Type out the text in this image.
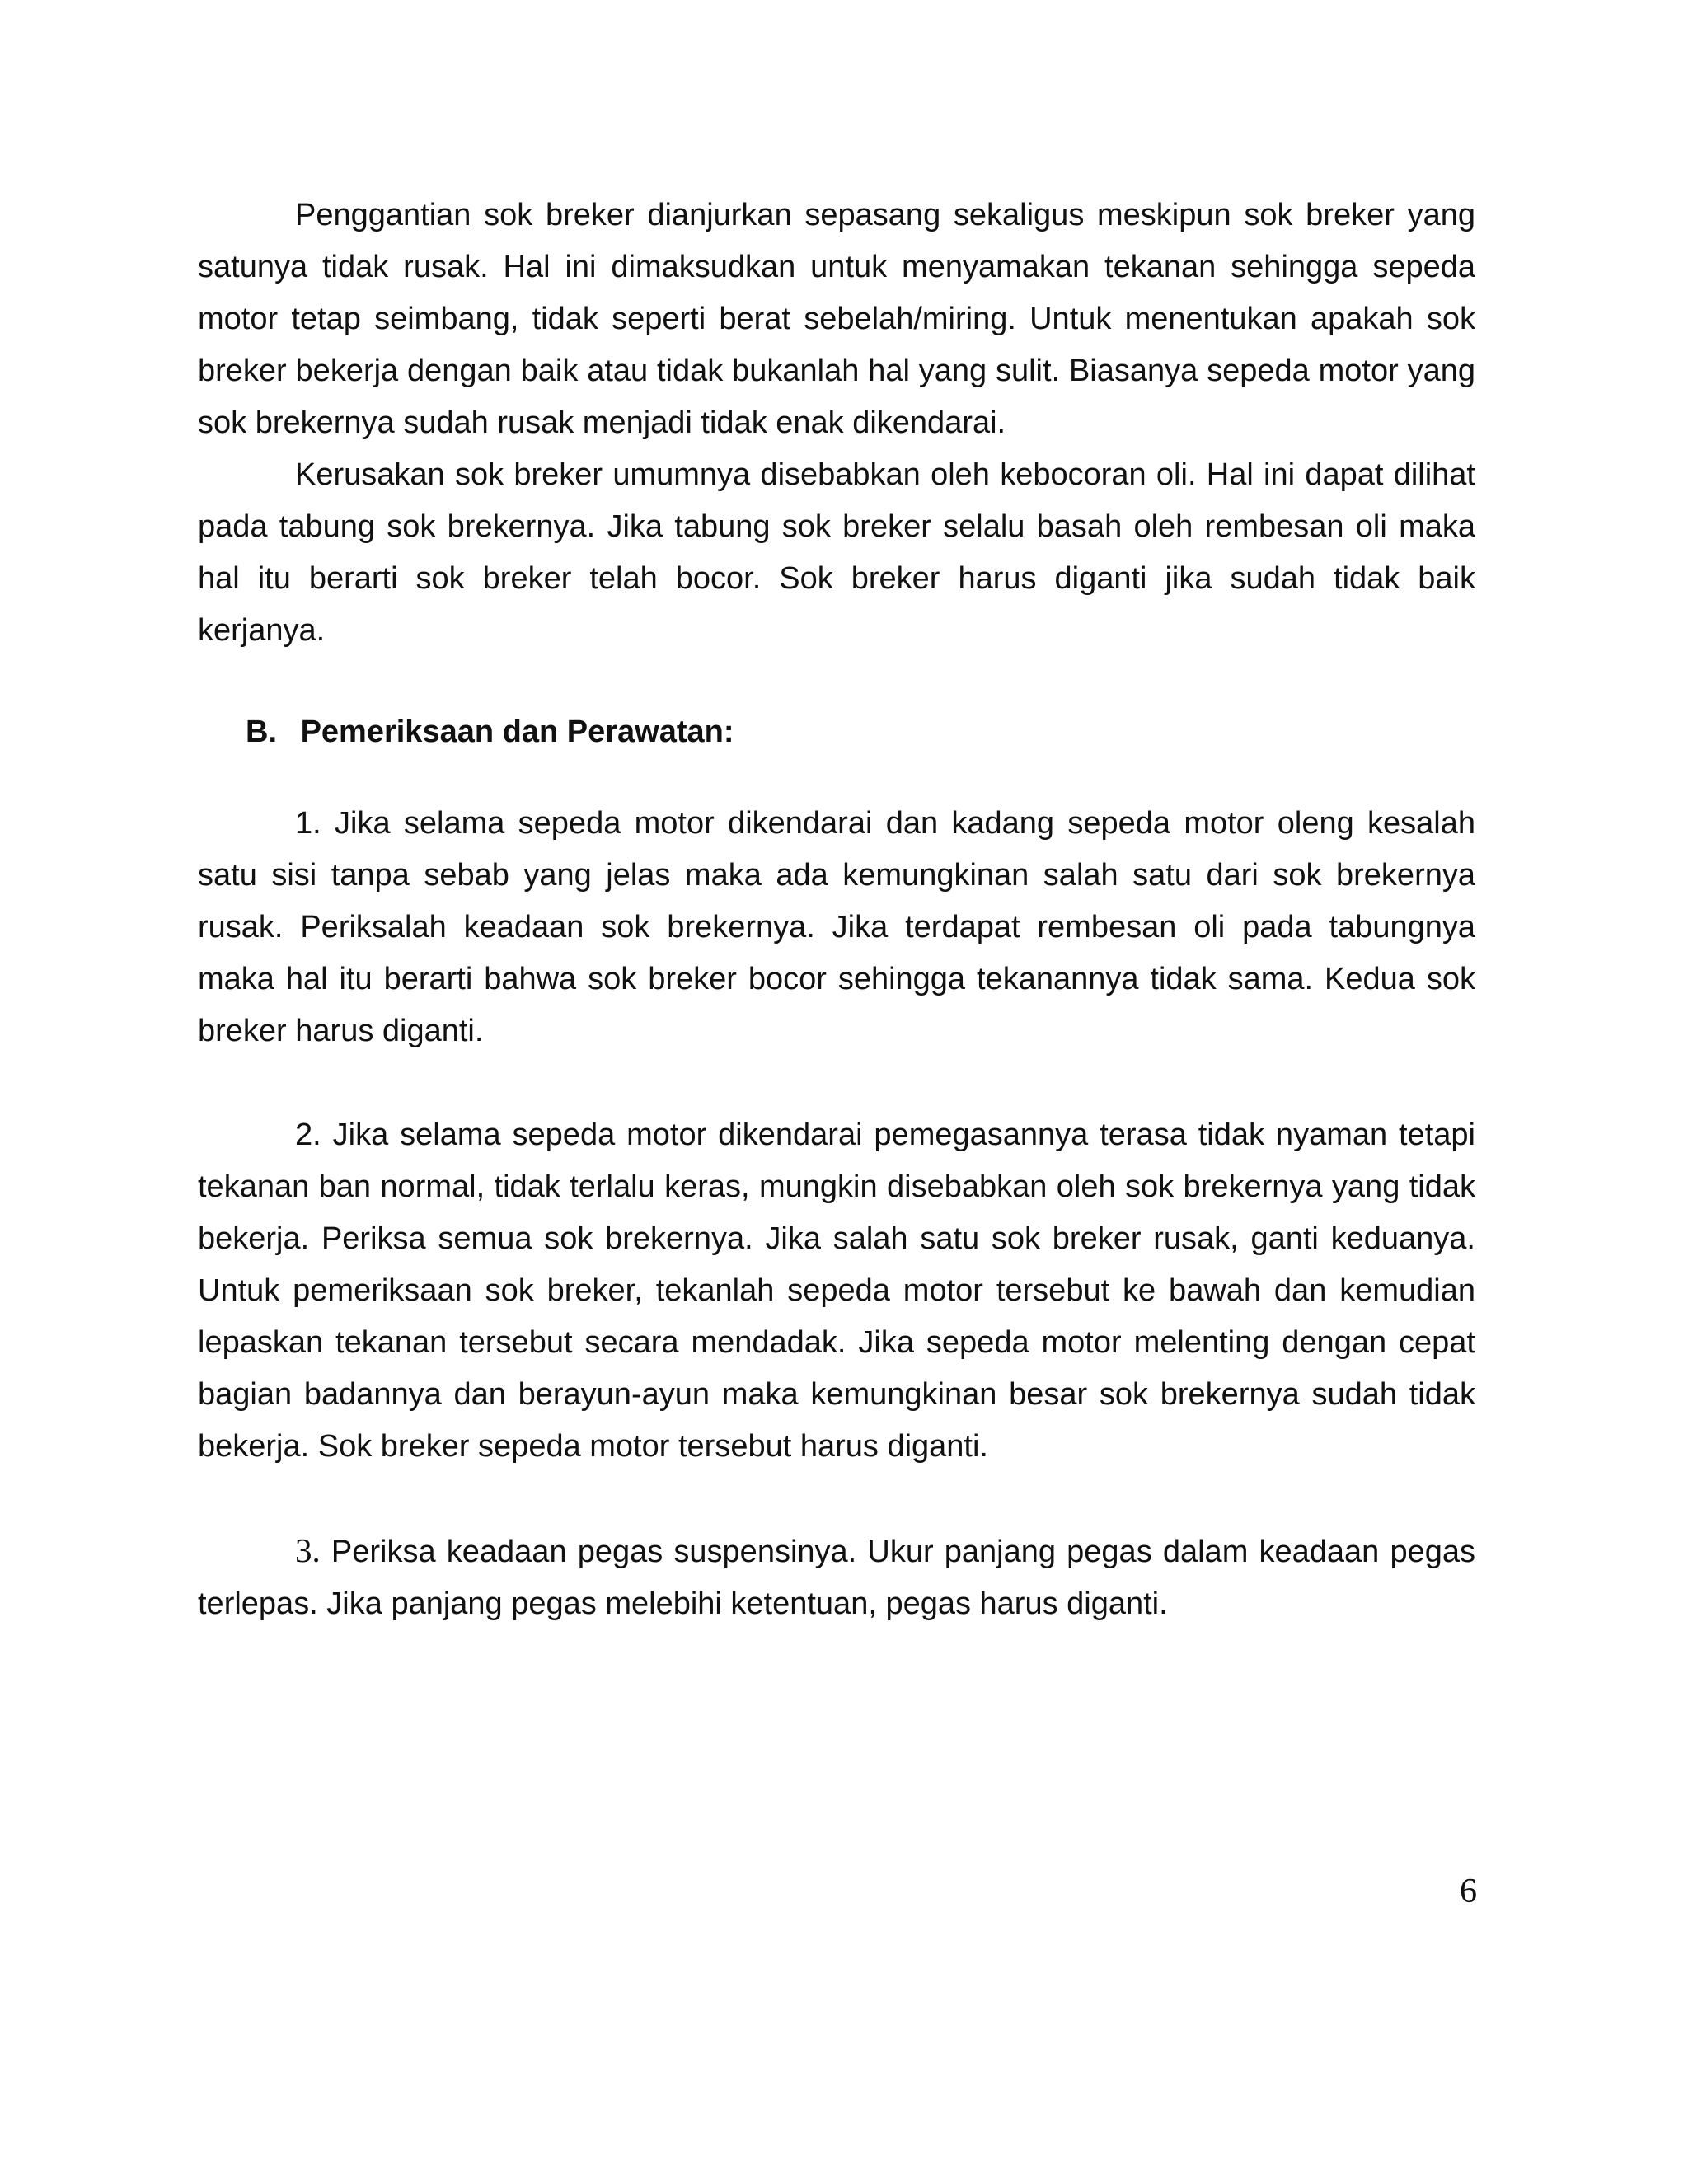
Penggantian sok breker dianjurkan sepasang sekaligus meskipun sok breker yang satunya tidak rusak. Hal ini dimaksudkan untuk menyamakan tekanan sehingga sepeda motor tetap seimbang, tidak seperti berat sebelah/miring. Untuk menentukan apakah sok breker bekerja dengan baik atau tidak bukanlah hal yang sulit. Biasanya sepeda motor yang sok brekernya sudah rusak menjadi tidak enak dikendarai.

Kerusakan sok breker umumnya disebabkan oleh kebocoran oli. Hal ini dapat dilihat pada tabung sok brekernya. Jika tabung sok breker selalu basah oleh rembesan oli maka hal itu berarti sok breker telah bocor. Sok breker harus diganti jika sudah tidak baik kerjanya.

B. Pemeriksaan dan Perawatan:

1. Jika selama sepeda motor dikendarai dan kadang sepeda motor oleng kesalah satu sisi tanpa sebab yang jelas maka ada kemungkinan salah satu dari sok brekernya rusak. Periksalah keadaan sok brekernya. Jika terdapat rembesan oli pada tabungnya maka hal itu berarti bahwa sok breker bocor sehingga tekanannya tidak sama. Kedua sok breker harus diganti.

2. Jika selama sepeda motor dikendarai pemegasannya terasa tidak nyaman tetapi tekanan ban normal, tidak terlalu keras, mungkin disebabkan oleh sok brekernya yang tidak bekerja. Periksa semua sok brekernya. Jika salah satu sok breker rusak, ganti keduanya. Untuk pemeriksaan sok breker, tekanlah sepeda motor tersebut ke bawah dan kemudian lepaskan tekanan tersebut secara mendadak. Jika sepeda motor melenting dengan cepat bagian badannya dan berayun-ayun maka kemungkinan besar sok brekernya sudah tidak bekerja. Sok breker sepeda motor tersebut harus diganti.

3. Periksa keadaan pegas suspensinya. Ukur panjang pegas dalam keadaan pegas terlepas. Jika panjang pegas melebihi ketentuan, pegas harus diganti.

6
